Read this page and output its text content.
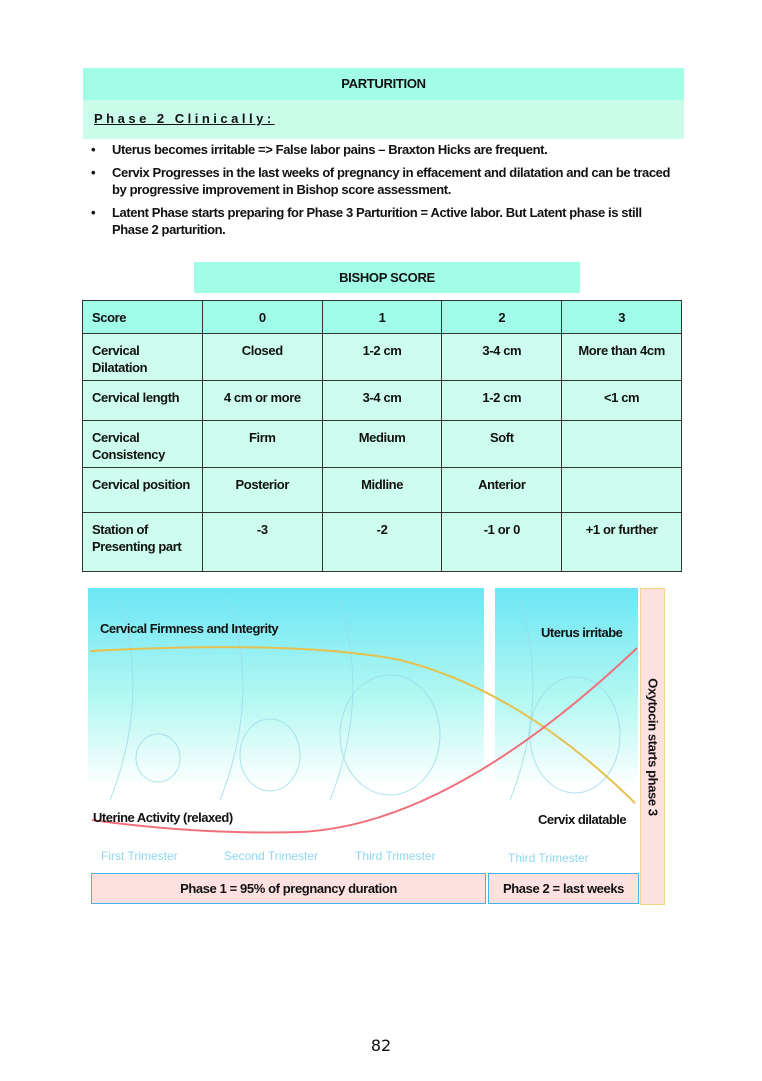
PARTURITION
Phase 2 Clinically:
• Uterus becomes irritable => False labor pains – Braxton Hicks are frequent.
• Cervix Progresses in the last weeks of pregnancy in effacement and dilatation and can be traced by progressive improvement in Bishop score assessment.
• Latent Phase starts preparing for Phase 3 Parturition = Active labor. But Latent phase is still Phase 2 parturition.
BISHOP SCORE
Score	0	1	2	3
Cervical Dilatation	Closed	1-2 cm	3-4 cm	More than 4cm
Cervical length	4 cm or more	3-4 cm	1-2 cm	<1 cm
Cervical Consistency	Firm	Medium	Soft	
Cervical position	Posterior	Midline	Anterior	
Station of Presenting part	-3	-2	-1 or 0	+1 or further
Cervical Firmness and Integrity	Uterus irritabe
Uterine Activity (relaxed)	Cervix dilatable
First Trimester	Second Trimester	Third Trimester	Third Trimester
Phase 1 = 95% of pregnancy duration	Phase 2 = last weeks
Oxytocin starts phase 3
82
